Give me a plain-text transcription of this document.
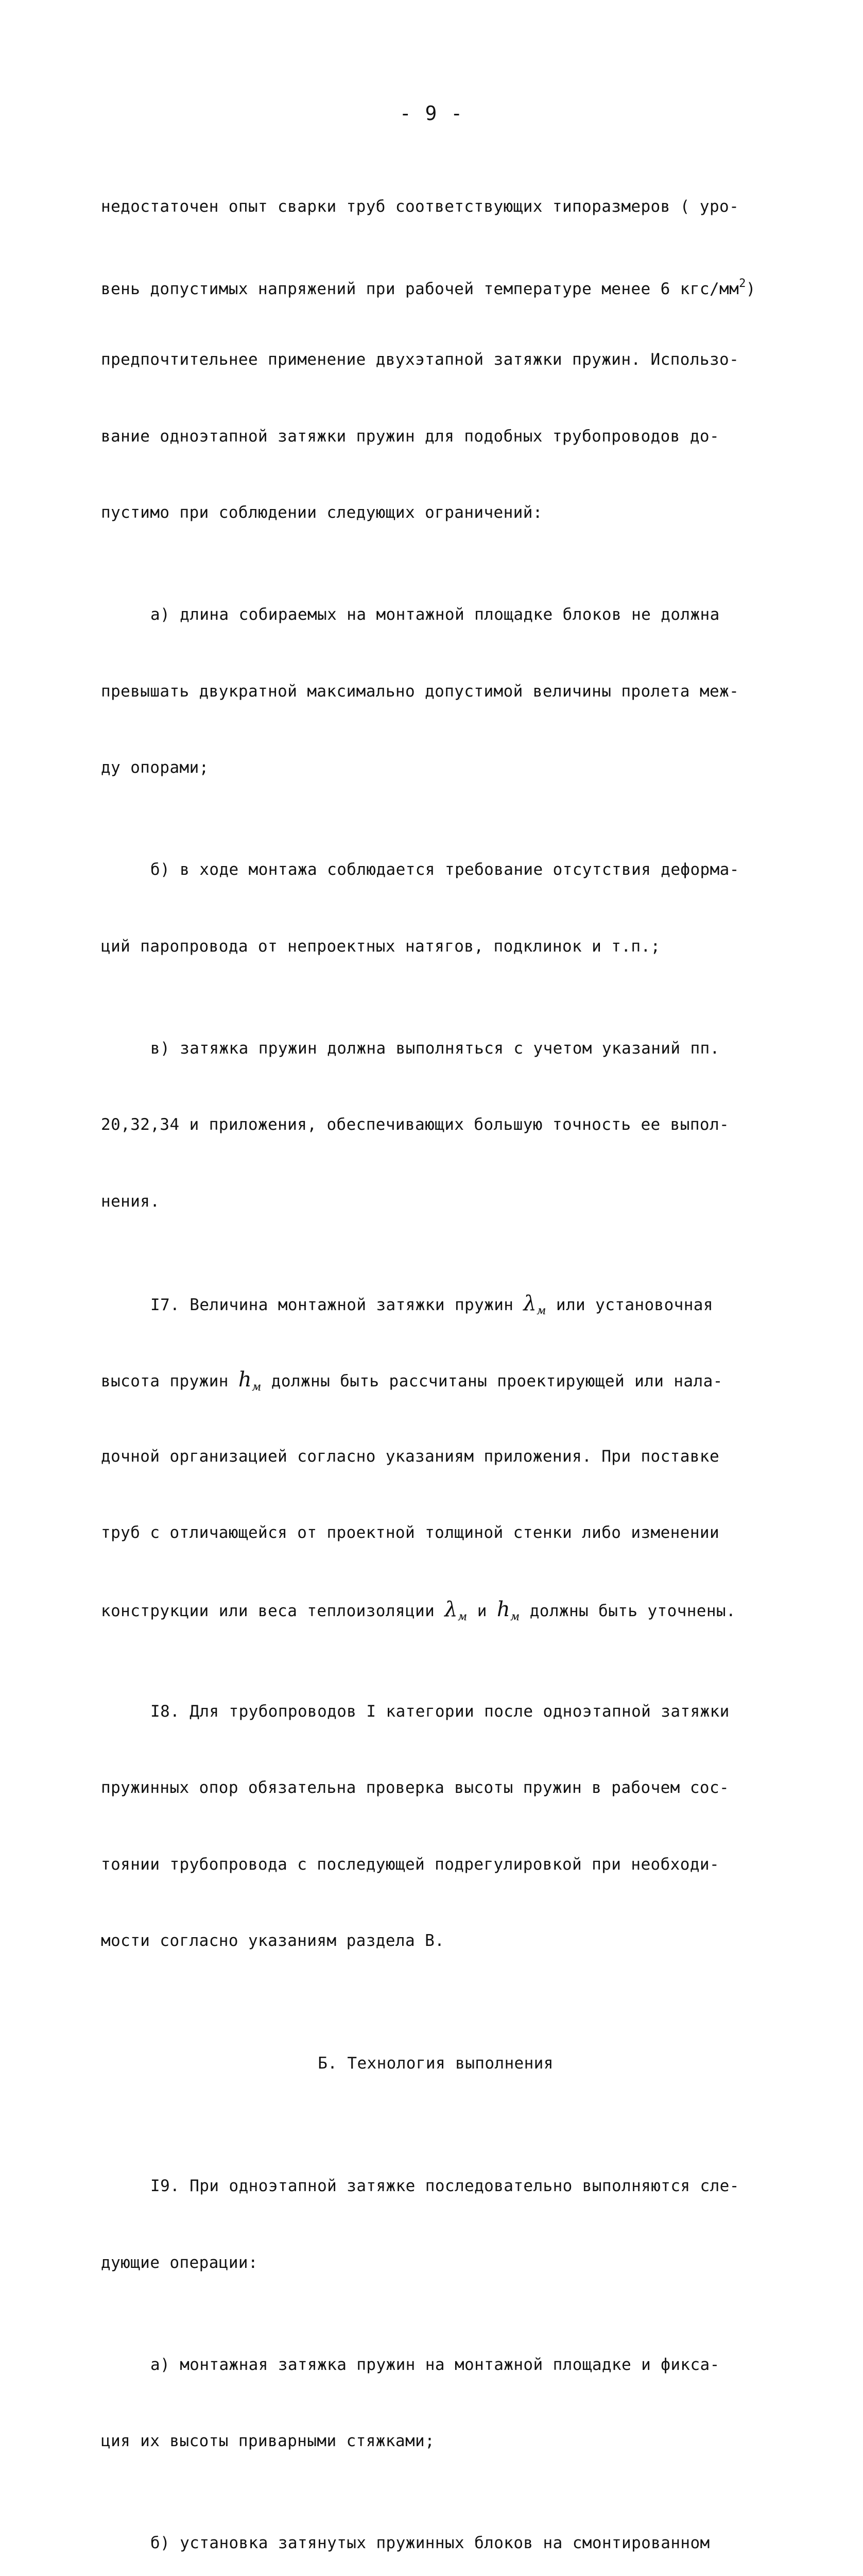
- 9 -

недостаточен опыт сварки труб соответствующих типоразмеров ( уро-

вень допустимых напряжений при рабочей температуре менее 6 кгс/$мм^2$)

предпочтительнее применение двухэтапной затяжки пружин. Использо-

вание одноэтапной затяжки пружин для подобных трубопроводов до-

пустимо при соблюдении следующих ограничений:

а) длина собираемых на монтажной площадке блоков не должна

превышать двукратной максимально допустимой величины пролета меж-

ду опорами;

б) в ходе монтажа соблюдается требование отсутствия деформа-

ций паропровода от непроектных натягов, подклинок и т.п.;

в) затяжка пружин должна выполняться с учетом указаний пп.

20,32,34 и приложения, обеспечивающих большую точность ее выпол-

нения.

I7. Величина монтажной затяжки пружин $\lambda_м$ или установочная

высота пружин $h_м$ должны быть рассчитаны проектирующей или нала-

дочной организацией согласно указаниям приложения. При поставке

труб с отличающейся от проектной толщиной стенки либо изменении

конструкции или веса теплоизоляции $\lambda_м$ и $h_м$ должны быть уточнены.

I8. Для трубопроводов I категории после одноэтапной затяжки

пружинных опор обязательна проверка высоты пружин в рабочем сос-

тоянии трубопровода с последующей подрегулировкой при необходи-

мости согласно указаниям раздела В.

Б. Технология выполнения

I9. При одноэтапной затяжке последовательно выполняются сле-

дующие операции:

а) монтажная затяжка пружин на монтажной площадке и фикса-

ция их высоты приварными стяжками;

б) установка затянутых пружинных блоков на смонтированном
